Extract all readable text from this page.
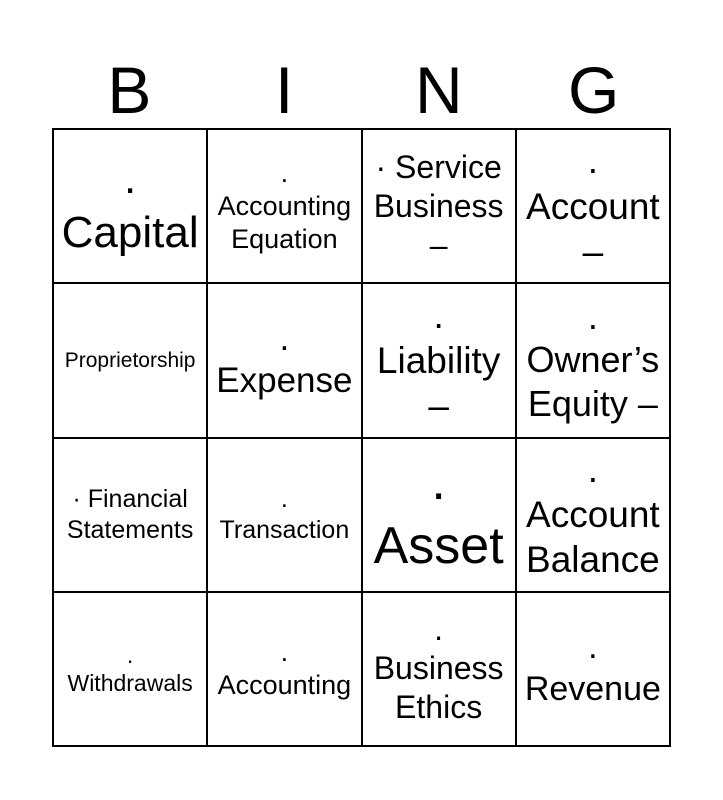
B	I	N	G
.
Capital
.
Accounting
Equation
· Service
Business
–
.
Account
–
Proprietorship
.
Expense
.
Liability
–
.
Owner’s
Equity –
· Financial
Statements
.
Transaction
.
Asset
.
Account
Balance
.
Withdrawals
.
Accounting
.
Business
Ethics
.
Revenue
